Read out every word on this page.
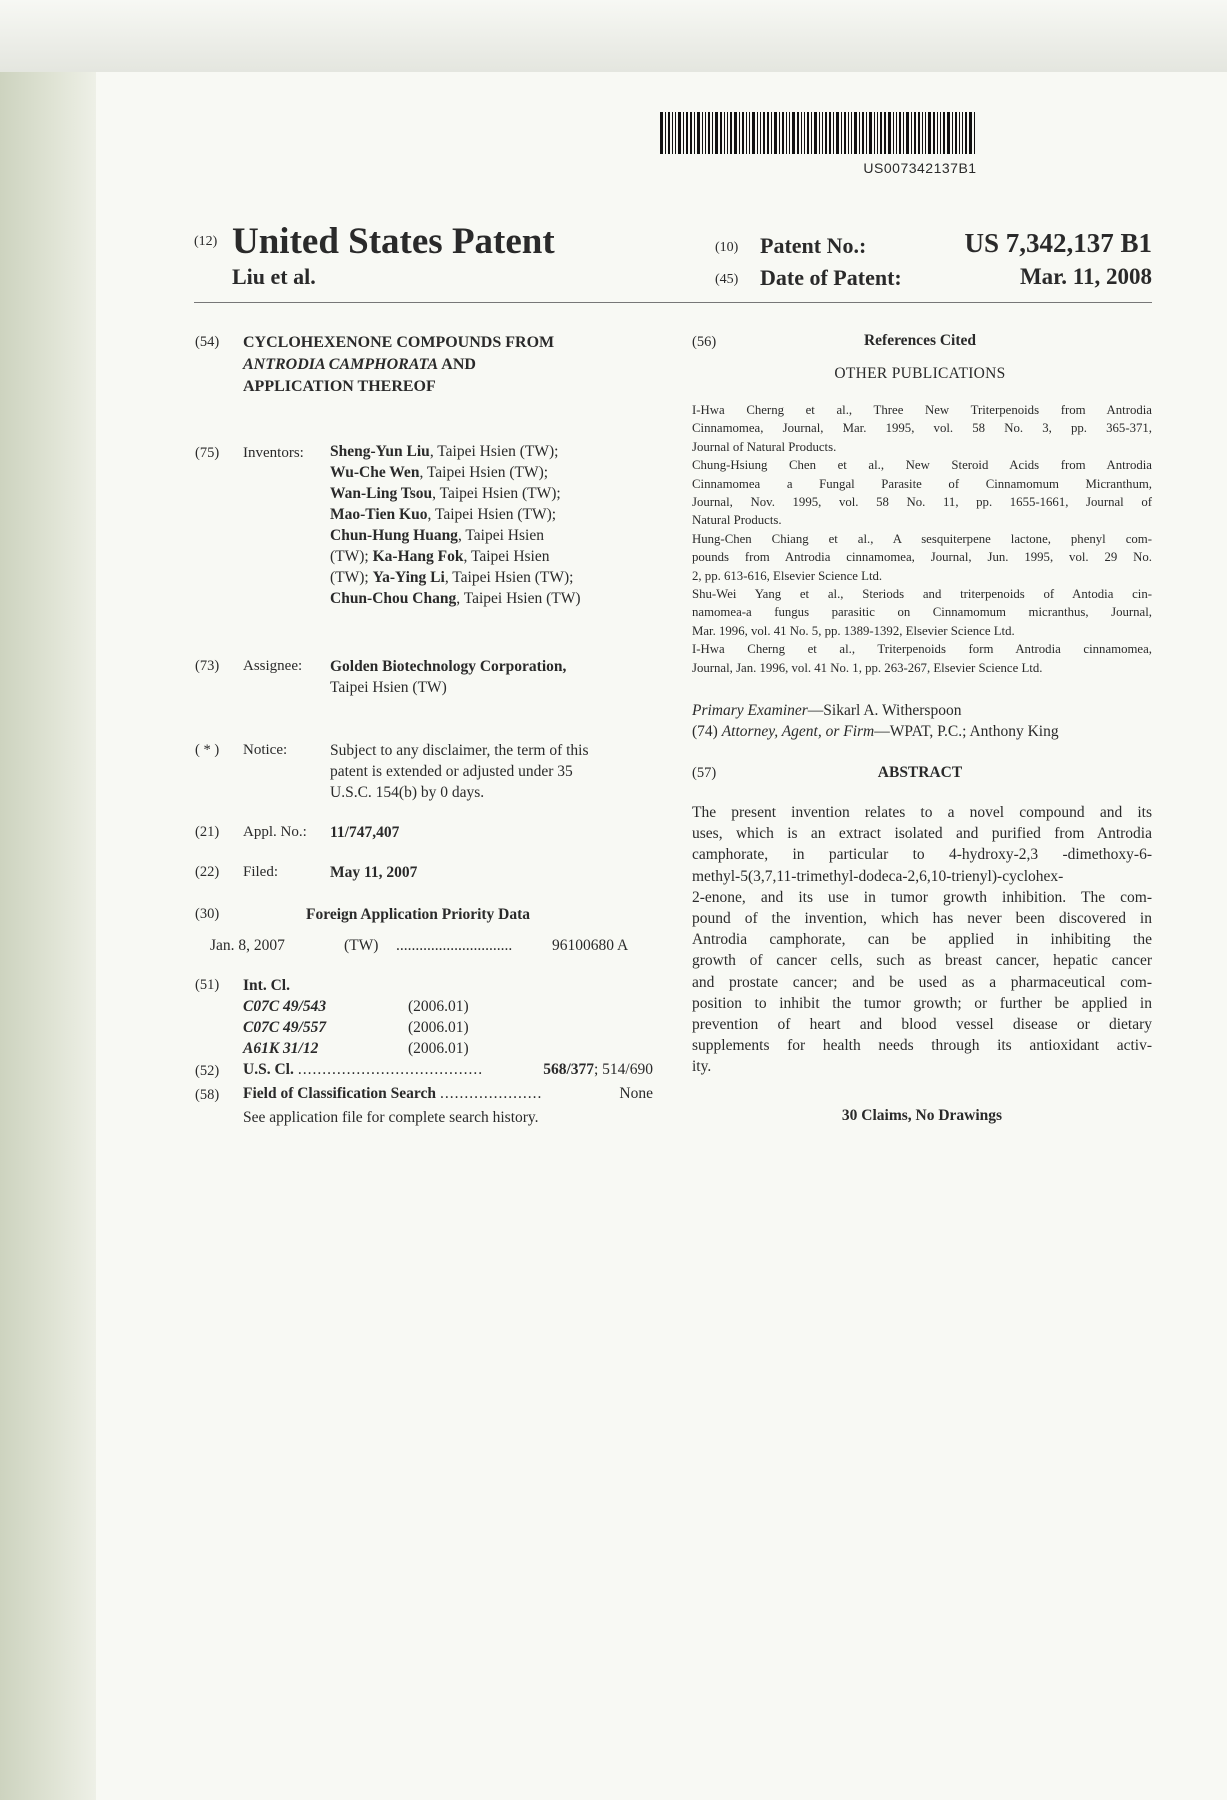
US007342137B1
(12) United States Patent
Liu et al.
(10) Patent No.:	US 7,342,137 B1
(45) Date of Patent:	Mar. 11, 2008
(54) CYCLOHEXENONE COMPOUNDS FROM
ANTRODIA CAMPHORATA AND
APPLICATION THEREOF
(75) Inventors: Sheng-Yun Liu, Taipei Hsien (TW);
Wu-Che Wen, Taipei Hsien (TW);
Wan-Ling Tsou, Taipei Hsien (TW);
Mao-Tien Kuo, Taipei Hsien (TW);
Chun-Hung Huang, Taipei Hsien
(TW); Ka-Hang Fok, Taipei Hsien
(TW); Ya-Ying Li, Taipei Hsien (TW);
Chun-Chou Chang, Taipei Hsien (TW)
(73) Assignee: Golden Biotechnology Corporation,
Taipei Hsien (TW)
( * ) Notice:	Subject to any disclaimer, the term of this
patent is extended or adjusted under 35
U.S.C. 154(b) by 0 days.
(21) Appl. No.: 11/747,407
(22) Filed:	May 11, 2007
(30)	Foreign Application Priority Data
Jan. 8, 2007	(TW) ..............................	96100680 A
(51) Int. Cl.
C07C 49/543	(2006.01)
C07C 49/557	(2006.01)
A61K 31/12	(2006.01)
(52) U.S. Cl. ......................................	568/377 ; 514/690
(58) Field of Classification Search .....................	None
See application file for complete search history.
(56)	References Cited
OTHER PUBLICATIONS
I-Hwa Cherng et al., Three New Triterpenoids from Antrodia
Cinnamomea, Journal, Mar. 1995, vol. 58 No. 3, pp. 365-371,
Journal of Natural Products.
Chung-Hsiung Chen et al., New Steroid Acids from Antrodia
Cinnamomea a Fungal Parasite of Cinnamomum Micranthum,
Journal, Nov. 1995, vol. 58 No. 11, pp. 1655-1661, Journal of
Natural Products.
Hung-Chen Chiang et al., A sesquiterpene lactone, phenyl com-
pounds from Antrodia cinnamomea, Journal, Jun. 1995, vol. 29 No.
2, pp. 613-616, Elsevier Science Ltd.
Shu-Wei Yang et al., Steriods and triterpenoids of Antodia cin-
namomea-a fungus parasitic on Cinnamomum micranthus, Journal,
Mar. 1996, vol. 41 No. 5, pp. 1389-1392, Elsevier Science Ltd.
I-Hwa Cherng et al., Triterpenoids form Antrodia cinnamomea,
Journal, Jan. 1996, vol. 41 No. 1, pp. 263-267, Elsevier Science Ltd.
Primary Examiner—Sikarl A. Witherspoon
(74) Attorney, Agent, or Firm—WPAT, P.C.; Anthony King
(57)	ABSTRACT
The present invention relates to a novel compound and its
uses, which is an extract isolated and purified from Antrodia
camphorate, in particular to 4-hydroxy-2,3 -dimethoxy-6-
methyl-5(3,7,11-trimethyl-dodeca-2,6,10-trienyl)-cyclohex-
2-enone, and its use in tumor growth inhibition. The com-
pound of the invention, which has never been discovered in
Antrodia camphorate, can be applied in inhibiting the
growth of cancer cells, such as breast cancer, hepatic cancer
and prostate cancer; and be used as a pharmaceutical com-
position to inhibit the tumor growth; or further be applied in
prevention of heart and blood vessel disease or dietary
supplements for health needs through its antioxidant activ-
ity.
30 Claims, No Drawings
